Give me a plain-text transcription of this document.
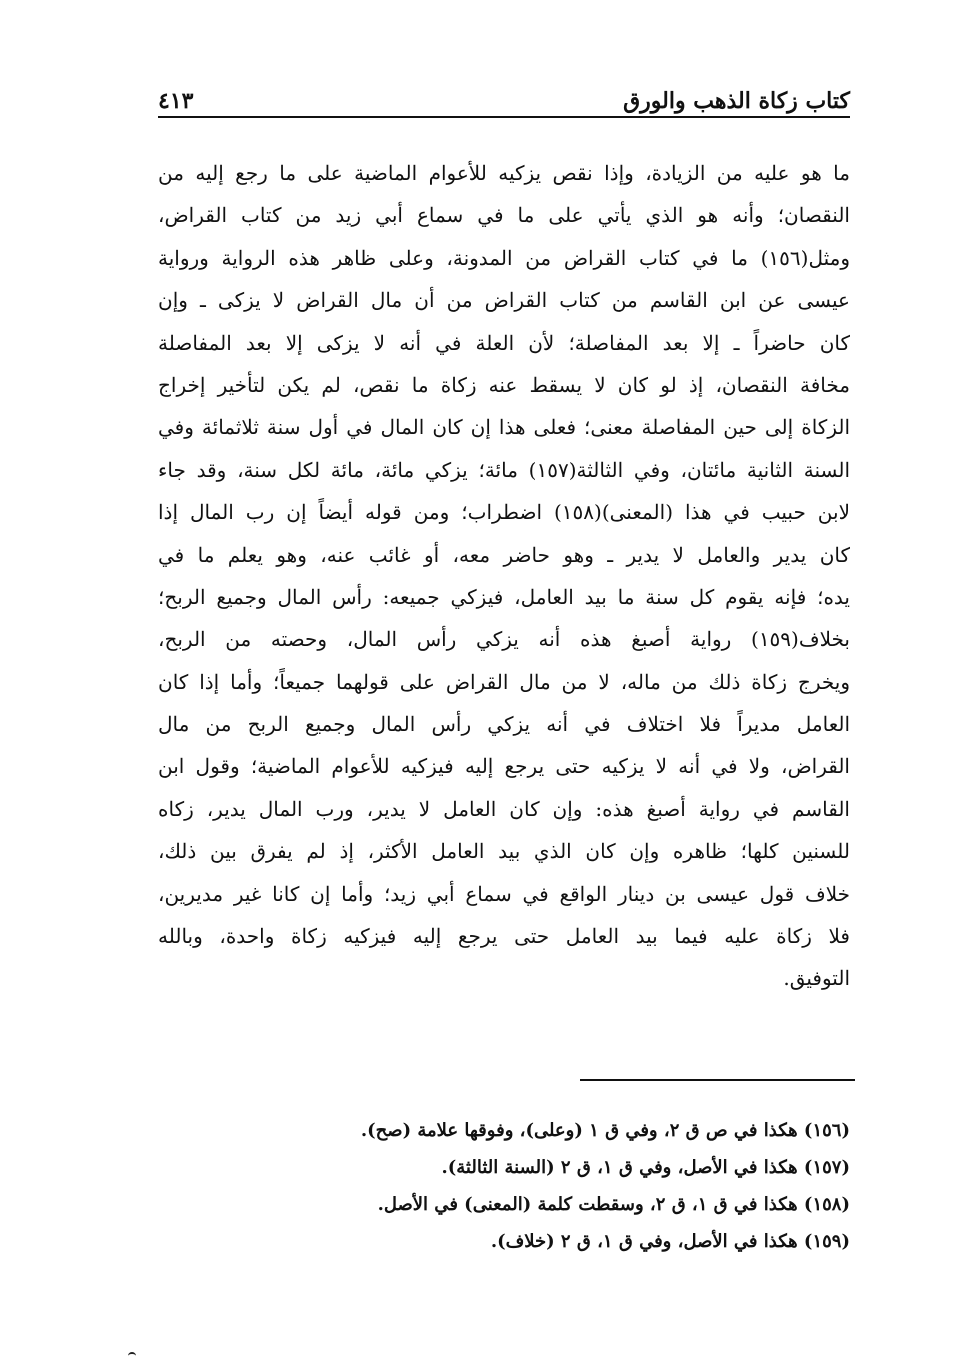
كتاب زكاة الذهب والورق
٤١٣
ما هو عليه من الزيادة، وإذا نقص يزكيه للأعوام الماضية على ما رجع إليه من
النقصان؛ وأنه هو الذي يأتي على ما في سماع أبي زيد من كتاب القراض،
ومثل(١٥٦) ما في كتاب القراض من المدونة، وعلى ظاهر هذه الرواية ورواية
عيسى عن ابن القاسم من كتاب القراض من أن مال القراض لا يزكى ـ وإن
كان حاضراً ـ إلا بعد المفاصلة؛ لأن العلة في أنه لا يزكى إلا بعد المفاصلة
مخافة النقصان، إذ لو كان لا يسقط عنه زكاة ما نقص، لم يكن لتأخير إخراج
الزكاة إلى حين المفاصلة معنى؛ فعلى هذا إن كان المال في أول سنة ثلاثمائة وفي
السنة الثانية مائتان، وفي الثالثة(١٥٧) مائة؛ يزكي مائة، مائة لكل سنة، وقد جاء
لابن حبيب في هذا (المعنى)(١٥٨) اضطراب؛ ومن قوله أيضاً إن رب المال إذا
كان يدير والعامل لا يدير ـ وهو حاضر معه، أو غائب عنه، وهو يعلم ما في
يده؛ فإنه يقوم كل سنة ما بيد العامل، فيزكي جميعه: رأس المال وجميع الربح؛
بخلاف(١٥٩) رواية أصبغ هذه أنه يزكي رأس المال، وحصته من الربح،
ويخرج زكاة ذلك من ماله، لا من مال القراض على قولهما جميعاً؛ وأما إذا كان
العامل مديراً فلا اختلاف في أنه يزكي رأس المال وجميع الربح من مال
القراض، ولا في أنه لا يزكيه حتى يرجع إليه فيزكيه للأعوام الماضية؛ وقول ابن
القاسم في رواية أصبغ هذه: وإن كان العامل لا يدير، ورب المال يدير، زكاه
للسنين كلها؛ ظاهره وإن كان الذي بيد العامل الأكثر، إذ لم يفرق بين ذلك،
خلاف قول عيسى بن دينار الواقع في سماع أبي زيد؛ وأما إن كانا غير مديرين،
فلا زكاة عليه فيما بيد العامل حتى يرجع إليه فيزكيه زكاة واحدة، وبالله
التوفيق.
(١٥٦) هكذا في ص ق ٢، وفي ق ١ (وعلى)، وفوقها علامة (صح).
(١٥٧) هكذا في الأصل، وفي ق ١، ق ٢ (السنة الثالثة).
(١٥٨) هكذا في ق ١، ق ٢، وسقطت كلمة (المعنى) في الأصل.
(١٥٩) هكذا في الأصل، وفي ق ١، ق ٢ (خلاف).
